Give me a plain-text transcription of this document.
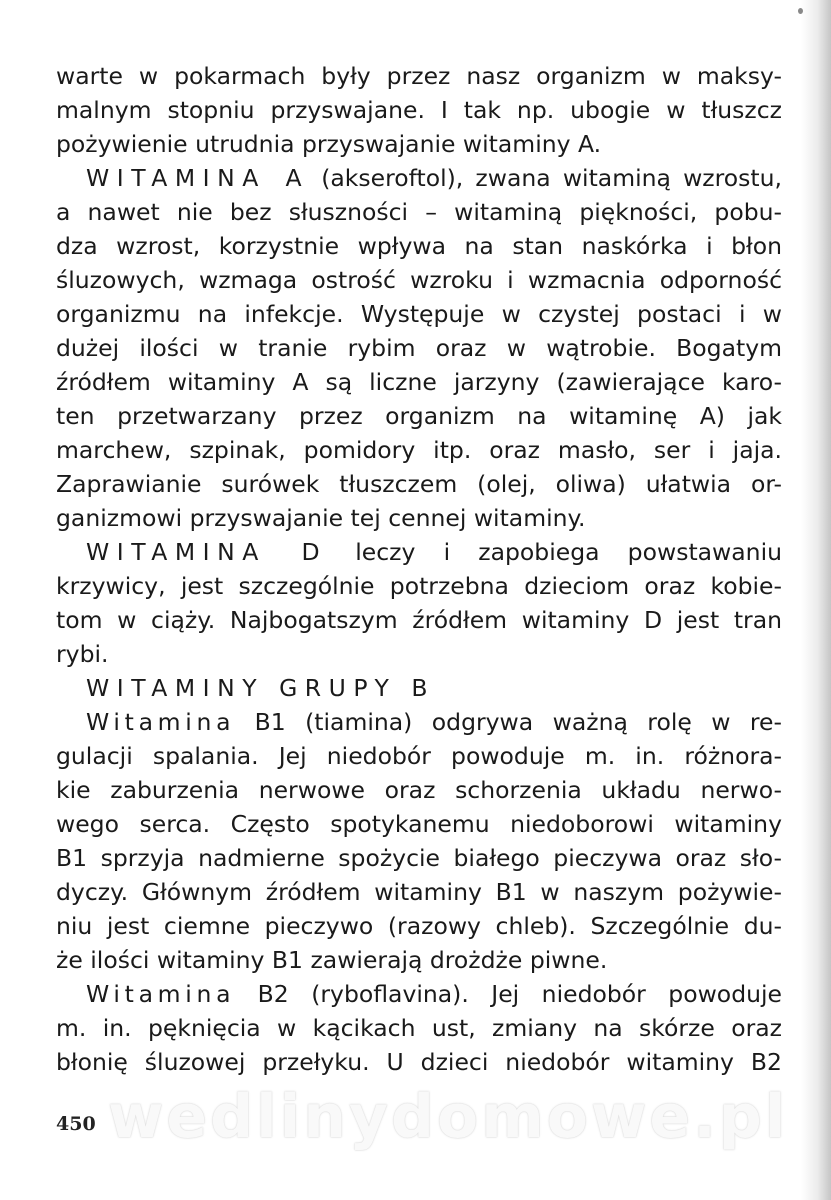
warte w pokarmach były przez nasz organizm w maksy-
malnym stopniu przyswajane. I tak np. ubogie w tłuszcz
pożywienie utrudnia przyswajanie witaminy A.
WITAMINA A (akseroftol), zwana witaminą wzrostu,
a nawet nie bez słuszności – witaminą piękności, pobu-
dza wzrost, korzystnie wpływa na stan naskórka i błon
śluzowych, wzmaga ostrość wzroku i wzmacnia odporność
organizmu na infekcje. Występuje w czystej postaci i w
dużej ilości w tranie rybim oraz w wątrobie. Bogatym
źródłem witaminy A są liczne jarzyny (zawierające karo-
ten przetwarzany przez organizm na witaminę A) jak
marchew, szpinak, pomidory itp. oraz masło, ser i jaja.
Zaprawianie surówek tłuszczem (olej, oliwa) ułatwia or-
ganizmowi przyswajanie tej cennej witaminy.
WITAMINA D leczy i zapobiega powstawaniu
krzywicy, jest szczególnie potrzebna dzieciom oraz kobie-
tom w ciąży. Najbogatszym źródłem witaminy D jest tran
rybi.
WITAMINY GRUPY B
Witamina B1 (tiamina) odgrywa ważną rolę w re-
gulacji spalania. Jej niedobór powoduje m. in. różnora-
kie zaburzenia nerwowe oraz schorzenia układu nerwo-
wego serca. Często spotykanemu niedoborowi witaminy
B1 sprzyja nadmierne spożycie białego pieczywa oraz sło-
dyczy. Głównym źródłem witaminy B1 w naszym pożywie-
niu jest ciemne pieczywo (razowy chleb). Szczególnie du-
że ilości witaminy B1 zawierają drożdże piwne.
Witamina B2 (ryboflavina). Jej niedobór powoduje
m. in. pęknięcia w kącikach ust, zmiany na skórze oraz
błonię śluzowej przełyku. U dzieci niedobór witaminy B2
wedlinydomowe.pl
450
